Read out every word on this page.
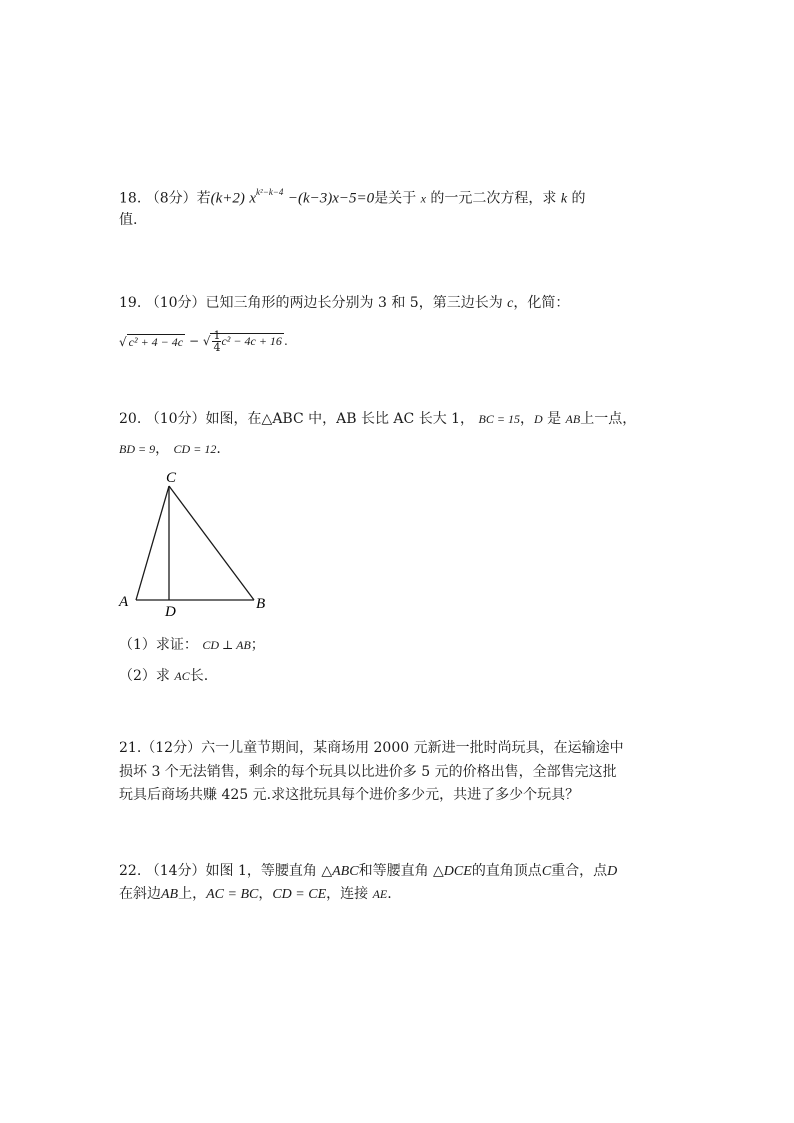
18. （8分）若(k+2) $x^{k^2-k-4} -(k-3)x-5=0$是关于 x 的一元二次方程，求 k 的
值.
19. （10分）已知三角形的两边长分别为 3 和 5，第三边长为 c，化简：
√ c² + 4 − 4c − √ $\frac{1}{4} c^2 - 4c + 16$ .
20. （10分）如图，在△ABC 中，AB 长比 AC 长大 1， BC = 15，D 是 AB上一点，
BD = 9， CD = 12.
C
A	B
D
（1）求证： CD ⊥ AB；
（2）求 AC长.
21.（12分）六一儿童节期间，某商场用 2000 元新进一批时尚玩具，在运输途中
损坏 3 个无法销售，剩余的每个玩具以比进价多 5 元的价格出售，全部售完这批
玩具后商场共赚 425 元.求这批玩具每个进价多少元，共进了多少个玩具？
22. （14分）如图 1，等腰直角 △ABC和等腰直角 △DCE的直角顶点C重合，点D
在斜边AB上，AC = BC，CD = CE，连接 AE.
